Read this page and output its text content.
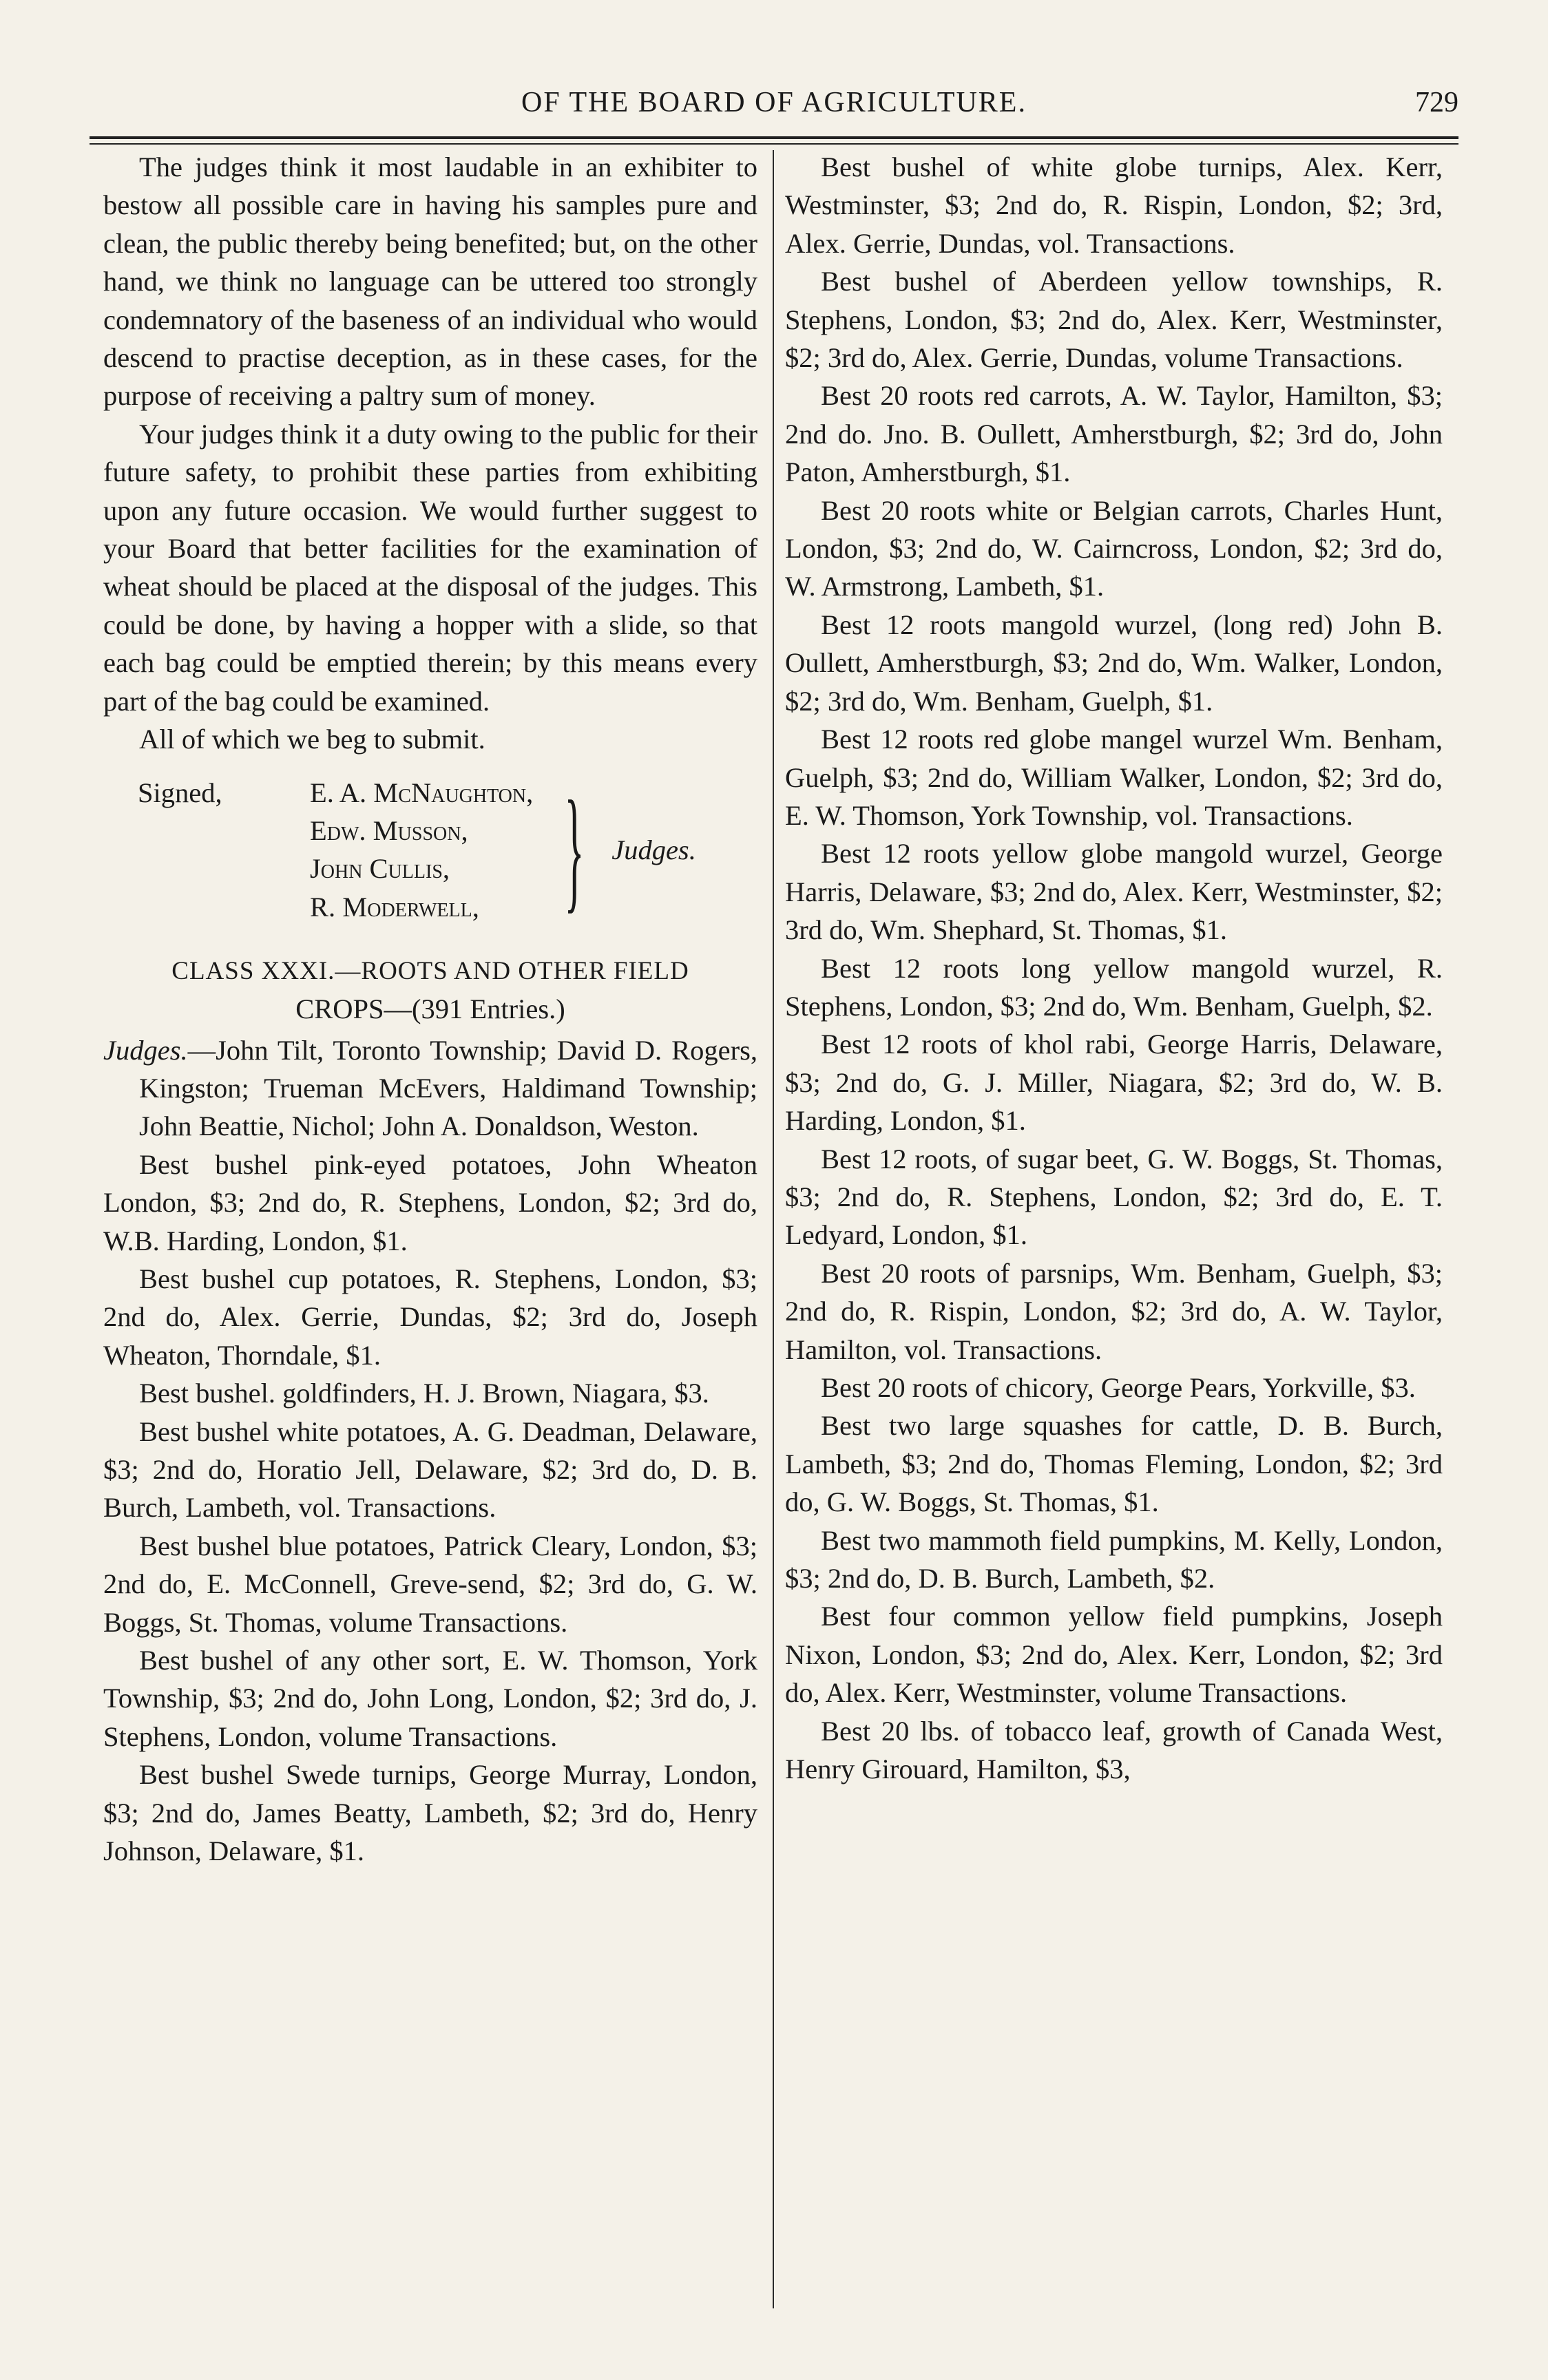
OF THE BOARD OF AGRICULTURE.	729

The judges think it most laudable in an exhibiter to bestow all possible care in having his samples pure and clean, the public thereby being benefited; but, on the other hand, we think no language can be uttered too strongly condemnatory of the baseness of an individual who would descend to practise deception, as in these cases, for the purpose of receiving a paltry sum of money.

Your judges think it a duty owing to the public for their future safety, to prohibit these parties from exhibiting upon any future occasion. We would further suggest to your Board that better facilities for the examination of wheat should be placed at the disposal of the judges. This could be done, by having a hopper with a slide, so that each bag could be emptied therein; by this means every part of the bag could be examined.

All of which we beg to submit.

Signed,	E. A. McNaughton,
Edw. Musson,
John Cullis,
R. Moderwell, } Judges.
CLASS XXXI.—ROOTS AND OTHER FIELD
CROPS—(391 Entries.)

Judges.—John Tilt, Toronto Township; David D. Rogers, Kingston; Trueman McEvers, Haldimand Township; John Beattie, Nichol; John A. Donaldson, Weston.

Best bushel pink-eyed potatoes, John Wheaton London, $3; 2nd do, R. Stephens, London, $2; 3rd do, W.B. Harding, London, $1.

Best bushel cup potatoes, R. Stephens, London, $3; 2nd do, Alex. Gerrie, Dundas, $2; 3rd do, Joseph Wheaton, Thorndale, $1.

Best bushel. goldfinders, H. J. Brown, Niagara, $3.

Best bushel white potatoes, A. G. Deadman, Delaware, $3; 2nd do, Horatio Jell, Delaware, $2; 3rd do, D. B. Burch, Lambeth, vol. Transactions.

Best bushel blue potatoes, Patrick Cleary, London, $3; 2nd do, E. McConnell, Greve-send, $2; 3rd do, G. W. Boggs, St. Thomas, volume Transactions.

Best bushel of any other sort, E. W. Thomson, York Township, $3; 2nd do, John Long, London, $2; 3rd do, J. Stephens, London, volume Transactions.

Best bushel Swede turnips, George Murray, London, $3; 2nd do, James Beatty, Lambeth, $2; 3rd do, Henry Johnson, Delaware, $1.

Best bushel of white globe turnips, Alex. Kerr, Westminster, $3; 2nd do, R. Rispin, London, $2; 3rd, Alex. Gerrie, Dundas, vol. Transactions.

Best bushel of Aberdeen yellow townships, R. Stephens, London, $3; 2nd do, Alex. Kerr, Westminster, $2; 3rd do, Alex. Gerrie, Dundas, volume Transactions.

Best 20 roots red carrots, A. W. Taylor, Hamilton, $3; 2nd do. Jno. B. Oullett, Amherstburgh, $2; 3rd do, John Paton, Amherstburgh, $1.

Best 20 roots white or Belgian carrots, Charles Hunt, London, $3; 2nd do, W. Cairncross, London, $2; 3rd do, W. Armstrong, Lambeth, $1.

Best 12 roots mangold wurzel, (long red) John B. Oullett, Amherstburgh, $3; 2nd do, Wm. Walker, London, $2; 3rd do, Wm. Benham, Guelph, $1.

Best 12 roots red globe mangel wurzel Wm. Benham, Guelph, $3; 2nd do, William Walker, London, $2; 3rd do, E. W. Thomson, York Township, vol. Transactions.

Best 12 roots yellow globe mangold wurzel, George Harris, Delaware, $3; 2nd do, Alex. Kerr, Westminster, $2; 3rd do, Wm. Shephard, St. Thomas, $1.

Best 12 roots long yellow mangold wurzel, R. Stephens, London, $3; 2nd do, Wm. Benham, Guelph, $2.

Best 12 roots of khol rabi, George Harris, Delaware, $3; 2nd do, G. J. Miller, Niagara, $2; 3rd do, W. B. Harding, London, $1.

Best 12 roots, of sugar beet, G. W. Boggs, St. Thomas, $3; 2nd do, R. Stephens, London, $2; 3rd do, E. T. Ledyard, London, $1.

Best 20 roots of parsnips, Wm. Benham, Guelph, $3; 2nd do, R. Rispin, London, $2; 3rd do, A. W. Taylor, Hamilton, vol. Transactions.

Best 20 roots of chicory, George Pears, Yorkville, $3.

Best two large squashes for cattle, D. B. Burch, Lambeth, $3; 2nd do, Thomas Fleming, London, $2; 3rd do, G. W. Boggs, St. Thomas, $1.

Best two mammoth field pumpkins, M. Kelly, London, $3; 2nd do, D. B. Burch, Lambeth, $2.

Best four common yellow field pumpkins, Joseph Nixon, London, $3; 2nd do, Alex. Kerr, London, $2; 3rd do, Alex. Kerr, Westminster, volume Transactions.

Best 20 lbs. of tobacco leaf, growth of Canada West, Henry Girouard, Hamilton, $3,
